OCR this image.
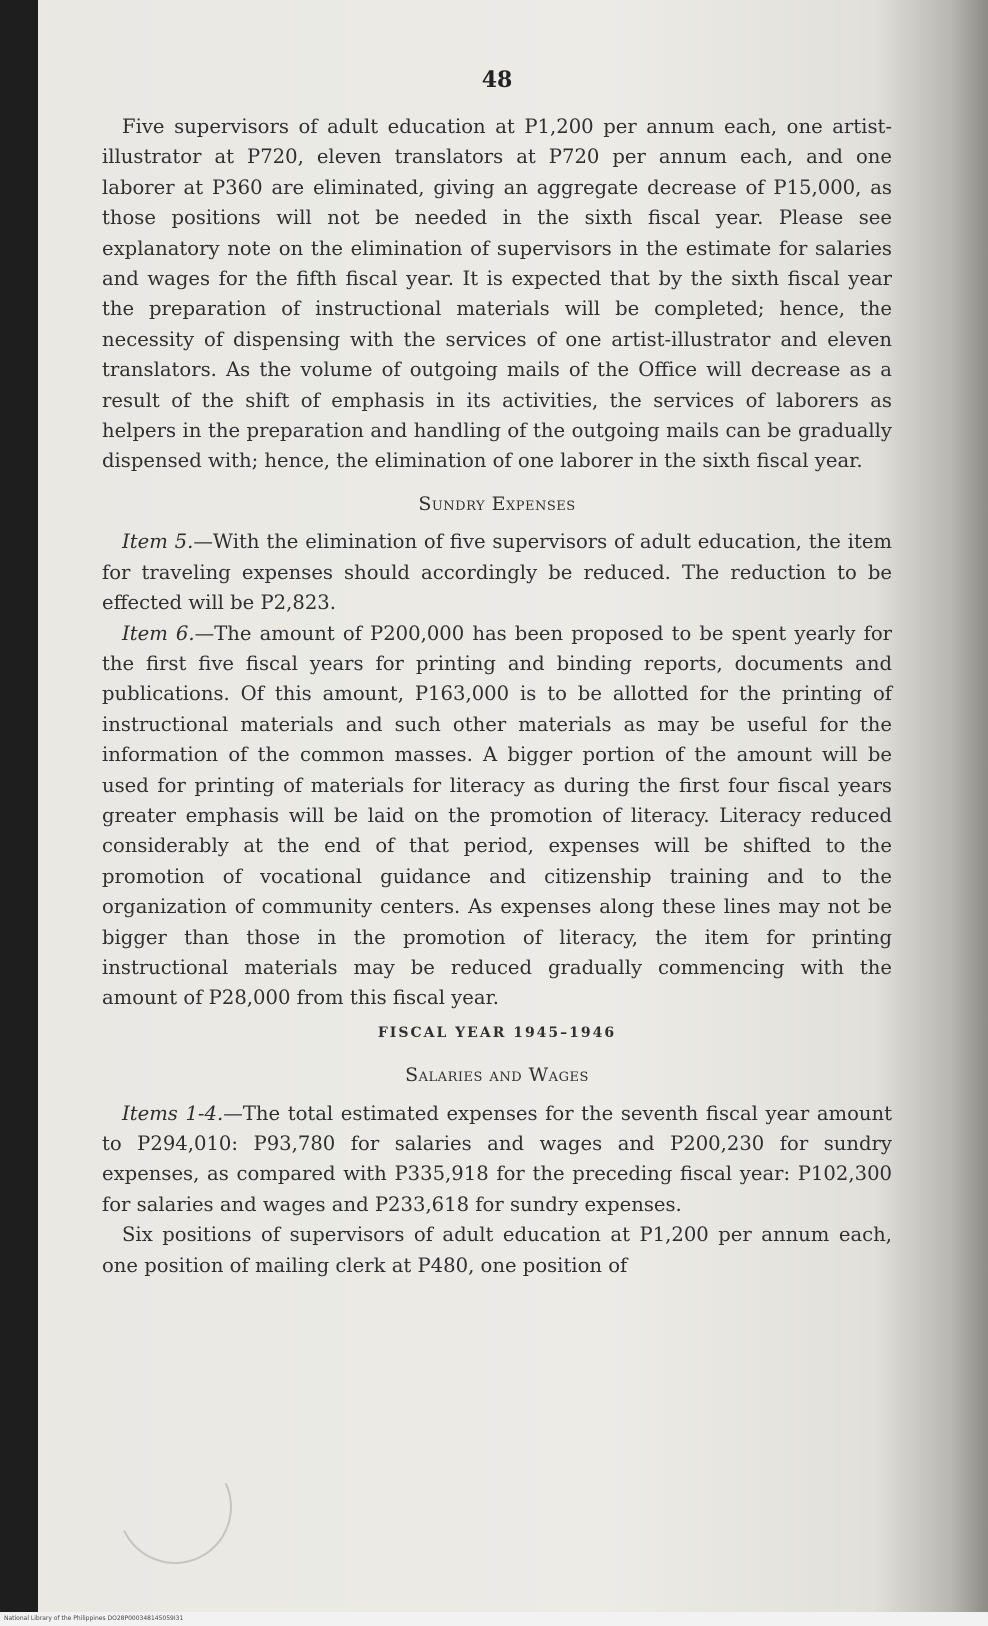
48

Five supervisors of adult education at P1,200 per annum each, one artist-illustrator at P720, eleven translators at P720 per annum each, and one laborer at P360 are eliminated, giving an aggregate decrease of P15,000, as those positions will not be needed in the sixth fiscal year. Please see explanatory note on the elimination of supervisors in the estimate for salaries and wages for the fifth fiscal year. It is expected that by the sixth fiscal year the preparation of instructional materials will be completed; hence, the necessity of dispensing with the services of one artist-illustrator and eleven translators. As the volume of outgoing mails of the Office will decrease as a result of the shift of emphasis in its activities, the services of laborers as helpers in the preparation and handling of the outgoing mails can be gradually dispensed with; hence, the elimination of one laborer in the sixth fiscal year.

Sundry Expenses

Item 5.—With the elimination of five supervisors of adult education, the item for traveling expenses should accordingly be reduced. The reduction to be effected will be P2,823.

Item 6.—The amount of P200,000 has been proposed to be spent yearly for the first five fiscal years for printing and binding reports, documents and publications. Of this amount, P163,000 is to be allotted for the printing of instructional materials and such other materials as may be useful for the information of the common masses. A bigger portion of the amount will be used for printing of materials for literacy as during the first four fiscal years greater emphasis will be laid on the promotion of literacy. Literacy reduced considerably at the end of that period, expenses will be shifted to the promotion of vocational guidance and citizenship training and to the organization of community centers. As expenses along these lines may not be bigger than those in the promotion of literacy, the item for printing instructional materials may be reduced gradually commencing with the amount of P28,000 from this fiscal year.

FISCAL YEAR 1945–1946
Salaries and Wages

Items 1-4.—The total estimated expenses for the seventh fiscal year amount to P294,010: P93,780 for salaries and wages and P200,230 for sundry expenses, as compared with P335,918 for the preceding fiscal year: P102,300 for salaries and wages and P233,618 for sundry expenses.

Six positions of supervisors of adult education at P1,200 per annum each, one position of mailing clerk at P480, one position of

National Library of the Philippines DO28P000348145059I31
